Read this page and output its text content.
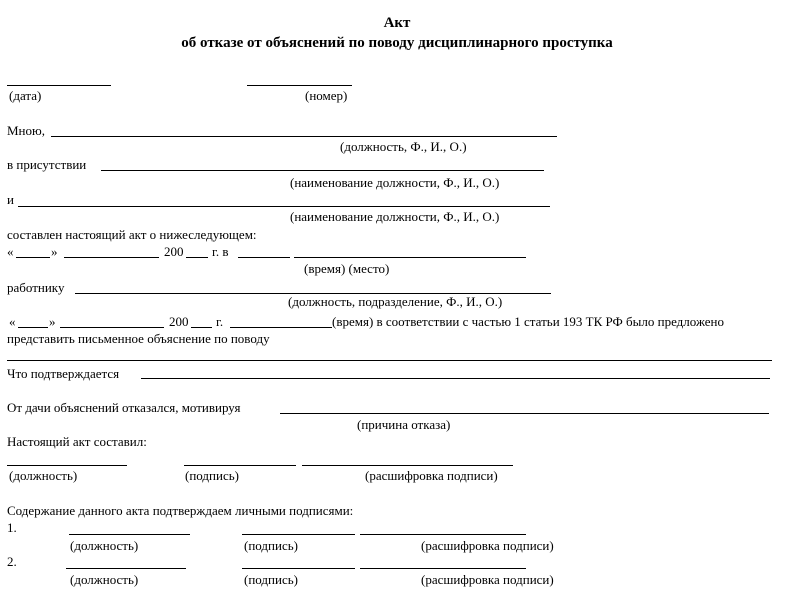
Акт
об отказе от объяснений по поводу дисциплинарного проступка
(дата)	(номер)
Мною,
(должность, Ф., И., О.)
в присутствии
(наименование должности, Ф., И., О.)
и
(наименование должности, Ф., И., О.)
составлен настоящий акт о нижеследующем:
«	»	200 г. в
(время) (место)
работнику
(должность, подразделение, Ф., И., О.)
«	»	200 г.	(время) в соответствии с частью 1 статьи 193 ТК РФ было предложено
представить письменное объяснение по поводу
Что подтверждается
От дачи объяснений отказался, мотивируя
(причина отказа)
Настоящий акт составил:
(должность)	(подпись)	(расшифровка подписи)
Содержание данного акта подтверждаем личными подписями:
1.
(должность)	(подпись)	(расшифровка подписи)
2.
(должность)	(подпись)	(расшифровка подписи)
